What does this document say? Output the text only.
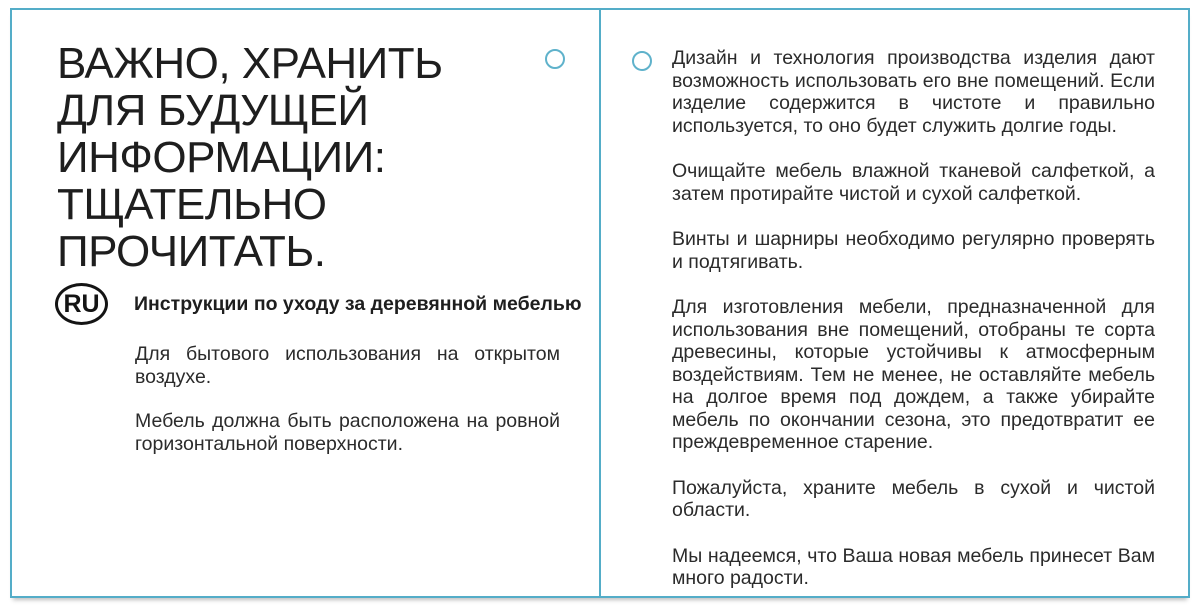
ВАЖНО, ХРАНИТЬ
ДЛЯ БУДУЩЕЙ
ИНФОРМАЦИИ:
ТЩАТЕЛЬНО
ПРОЧИТАТЬ.
RU	Инструкции по уходу за деревянной мебелью

Для бытового использования на открытом воздухе.

Мебель должна быть расположена на ровной горизонтальной поверхности.

Дизайн и технология производства изделия дают возможность использовать его вне помещений. Если изделие содержится в чистоте и правильно используется, то оно будет служить долгие годы.

Очищайте мебель влажной тканевой салфеткой, а затем протирайте чистой и сухой салфеткой.

Винты и шарниры необходимо регулярно проверять и подтягивать.

Для изготовления мебели, предназначенной для использования вне помещений, отобраны те сорта древесины, которые устойчивы к атмосферным воздействиям. Тем не менее, не оставляйте мебель на долгое время под дождем, а также убирайте мебель по окончании сезона, это предотвратит ее преждевременное старение.

Пожалуйста, храните мебель в сухой и чистой области.

Мы надеемся, что Ваша новая мебель принесет Вам много радости.
